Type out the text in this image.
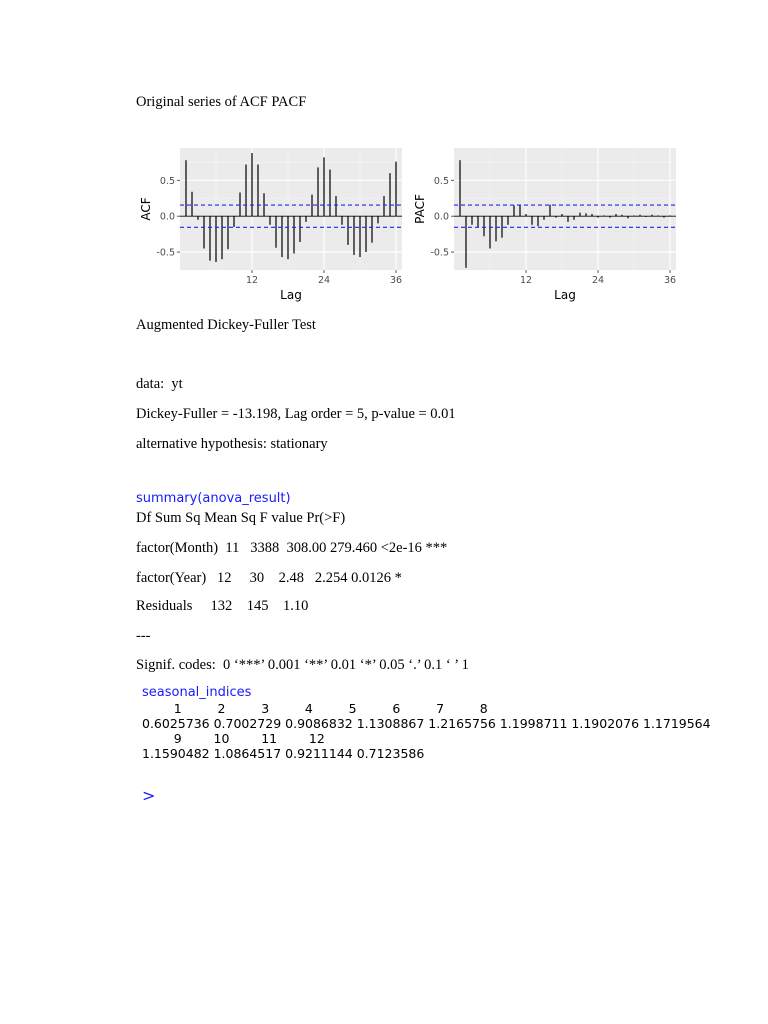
Original series of ACF PACF
-0.5
0.0
0.5
12	24	36
Lag
ACF
-0.5
0.0
0.5
12	24	36
Lag
PACF
Augmented Dickey-Fuller Test
data:  yt
Dickey-Fuller = -13.198, Lag order = 5, p-value = 0.01
alternative hypothesis: stationary
summary(anova_result)
Df Sum Sq Mean Sq F value Pr(>F)
factor(Month)  11   3388  308.00 279.460 <2e-16 ***
factor(Year)   12     30    2.48   2.254 0.0126 *
Residuals     132    145    1.10
---
Signif. codes:  0 ‘***’ 0.001 ‘**’ 0.01 ‘*’ 0.05 ‘.’ 0.1 ‘ ’ 1
seasonal_indices
1         2         3         4         5         6         7         8
0.6025736 0.7002729 0.9086832 1.1308867 1.2165756 1.1998711 1.1902076 1.1719564
9        10        11        12
1.1590482 1.0864517 0.9211144 0.7123586
>
